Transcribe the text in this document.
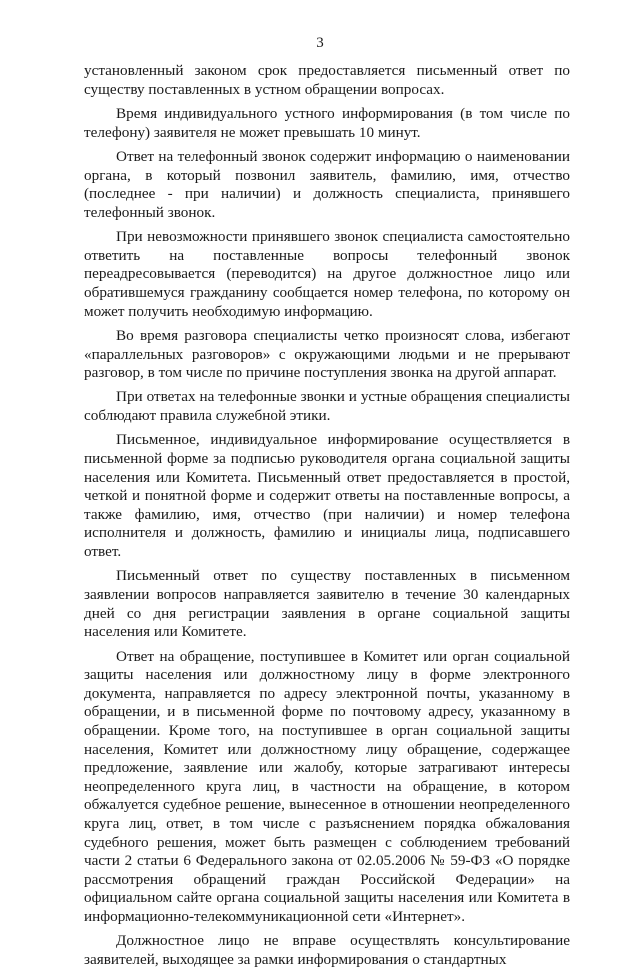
3

установленный законом срок предоставляется письменный ответ по существу поставленных в устном обращении вопросах.

Время индивидуального устного информирования (в том числе по телефону) заявителя не может превышать 10 минут.

Ответ на телефонный звонок содержит информацию о наименовании органа, в который позвонил заявитель, фамилию, имя, отчество (последнее - при наличии) и должность специалиста, принявшего телефонный звонок.

При невозможности принявшего звонок специалиста самостоятельно ответить на поставленные вопросы телефонный звонок переадресовывается (переводится) на другое должностное лицо или обратившемуся гражданину сообщается номер телефона, по которому он может получить необходимую информацию.

Во время разговора специалисты четко произносят слова, избегают «параллельных разговоров» с окружающими людьми и не прерывают разговор, в том числе по причине поступления звонка на другой аппарат.

При ответах на телефонные звонки и устные обращения специалисты соблюдают правила служебной этики.

Письменное, индивидуальное информирование осуществляется в письменной форме за подписью руководителя органа социальной защиты населения или Комитета. Письменный ответ предоставляется в простой, четкой и понятной форме и содержит ответы на поставленные вопросы, а также фамилию, имя, отчество (при наличии) и номер телефона исполнителя и должность, фамилию и инициалы лица, подписавшего ответ.

Письменный ответ по существу поставленных в письменном заявлении вопросов направляется заявителю в течение 30 календарных дней со дня регистрации заявления в органе социальной защиты населения или Комитете.

Ответ на обращение, поступившее в Комитет или орган социальной защиты населения или должностному лицу в форме электронного документа, направляется по адресу электронной почты, указанному в обращении, и в письменной форме по почтовому адресу, указанному в обращении. Кроме того, на поступившее в орган социальной защиты населения, Комитет или должностному лицу обращение, содержащее предложение, заявление или жалобу, которые затрагивают интересы неопределенного круга лиц, в частности на обращение, в котором обжалуется судебное решение, вынесенное в отношении неопределенного круга лиц, ответ, в том числе с разъяснением порядка обжалования судебного решения, может быть размещен с соблюдением требований части 2 статьи 6 Федерального закона от 02.05.2006 № 59-ФЗ «О порядке рассмотрения обращений граждан Российской Федерации» на официальном сайте органа социальной защиты населения или Комитета в информационно-телекоммуникационной сети «Интернет».

Должностное лицо не вправе осуществлять консультирование заявителей, выходящее за рамки информирования о стандартных
